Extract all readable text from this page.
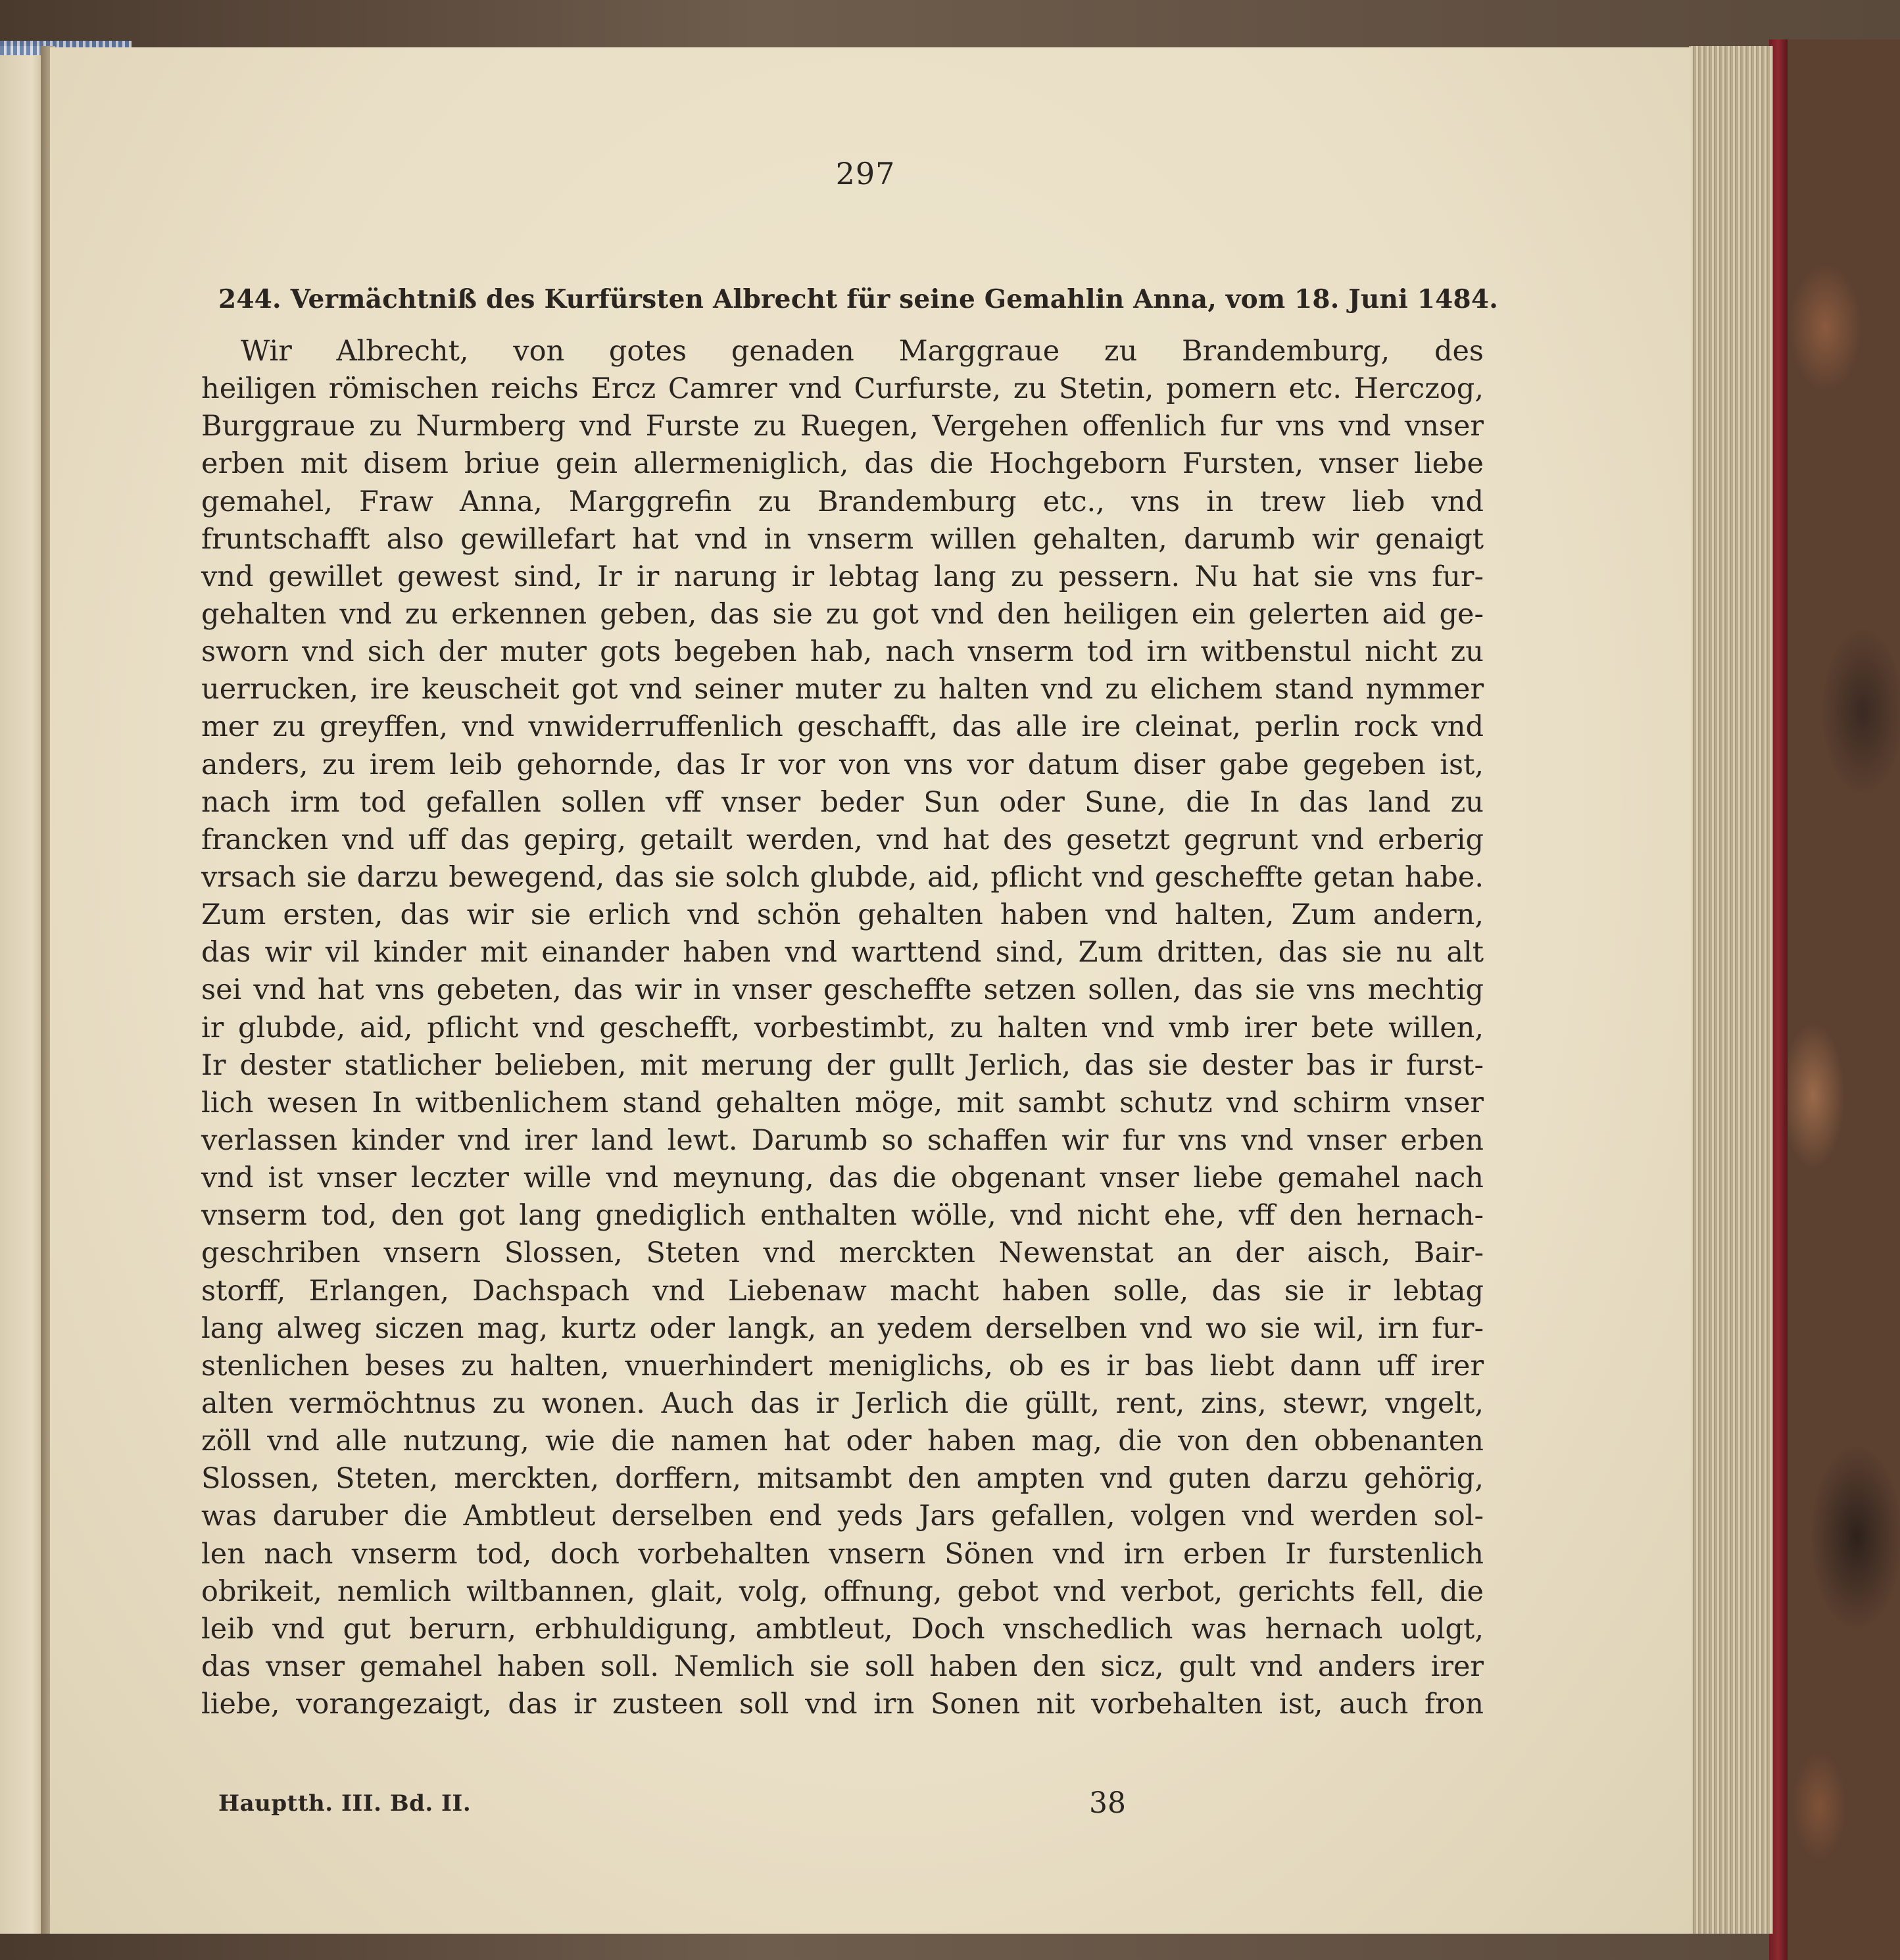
297
244. Vermächtniß des Kurfürsten Albrecht für seine Gemahlin Anna, vom 18. Juni 1484.
Wir Albrecht, von gotes genaden Marggraue zu Brandemburg, des
heiligen römischen reichs Ercz Camrer vnd Curfurste, zu Stetin, pomern etc. Herczog,
Burggraue zu Nurmberg vnd Furste zu Ruegen, Vergehen offenlich fur vns vnd vnser
erben mit disem briue gein allermeniglich, das die Hochgeborn Fursten, vnser liebe
gemahel, Fraw Anna, Marggrefin zu Brandemburg etc., vns in trew lieb vnd
fruntschafft also gewillefart hat vnd in vnserm willen gehalten, darumb wir genaigt
vnd gewillet gewest sind, Ir ir narung ir lebtag lang zu pessern. Nu hat sie vns fur-
gehalten vnd zu erkennen geben, das sie zu got vnd den heiligen ein gelerten aid ge-
sworn vnd sich der muter gots begeben hab, nach vnserm tod irn witbenstul nicht zu
uerrucken, ire keuscheit got vnd seiner muter zu halten vnd zu elichem stand nymmer
mer zu greyffen, vnd vnwiderruffenlich geschafft, das alle ire cleinat, perlin rock vnd
anders, zu irem leib gehornde, das Ir vor von vns vor datum diser gabe gegeben ist,
nach irm tod gefallen sollen vff vnser beder Sun oder Sune, die In das land zu
francken vnd uff das gepirg, getailt werden, vnd hat des gesetzt gegrunt vnd erberig
vrsach sie darzu bewegend, das sie solch glubde, aid, pflicht vnd gescheffte getan habe.
Zum ersten, das wir sie erlich vnd schön gehalten haben vnd halten, Zum andern,
das wir vil kinder mit einander haben vnd warttend sind, Zum dritten, das sie nu alt
sei vnd hat vns gebeten, das wir in vnser gescheffte setzen sollen, das sie vns mechtig
ir glubde, aid, pflicht vnd geschefft, vorbestimbt, zu halten vnd vmb irer bete willen,
Ir dester statlicher belieben, mit merung der gullt Jerlich, das sie dester bas ir furst-
lich wesen In witbenlichem stand gehalten möge, mit sambt schutz vnd schirm vnser
verlassen kinder vnd irer land lewt. Darumb so schaffen wir fur vns vnd vnser erben
vnd ist vnser leczter wille vnd meynung, das die obgenant vnser liebe gemahel nach
vnserm tod, den got lang gnediglich enthalten wölle, vnd nicht ehe, vff den hernach-
geschriben vnsern Slossen, Steten vnd merckten Newenstat an der aisch, Bair-
storff, Erlangen, Dachspach vnd Liebenaw macht haben solle, das sie ir lebtag
lang alweg siczen mag, kurtz oder langk, an yedem derselben vnd wo sie wil, irn fur-
stenlichen beses zu halten, vnuerhindert meniglichs, ob es ir bas liebt dann uff irer
alten vermöchtnus zu wonen. Auch das ir Jerlich die güllt, rent, zins, stewr, vngelt,
zöll vnd alle nutzung, wie die namen hat oder haben mag, die von den obbenanten
Slossen, Steten, merckten, dorffern, mitsambt den ampten vnd guten darzu gehörig,
was daruber die Ambtleut derselben end yeds Jars gefallen, volgen vnd werden sol-
len nach vnserm tod, doch vorbehalten vnsern Sönen vnd irn erben Ir furstenlich
obrikeit, nemlich wiltbannen, glait, volg, offnung, gebot vnd verbot, gerichts fell, die
leib vnd gut berurn, erbhuldigung, ambtleut, Doch vnschedlich was hernach uolgt,
das vnser gemahel haben soll. Nemlich sie soll haben den sicz, gult vnd anders irer
liebe, vorangezaigt, das ir zusteen soll vnd irn Sonen nit vorbehalten ist, auch fron
Hauptth. III. Bd. II.	38
